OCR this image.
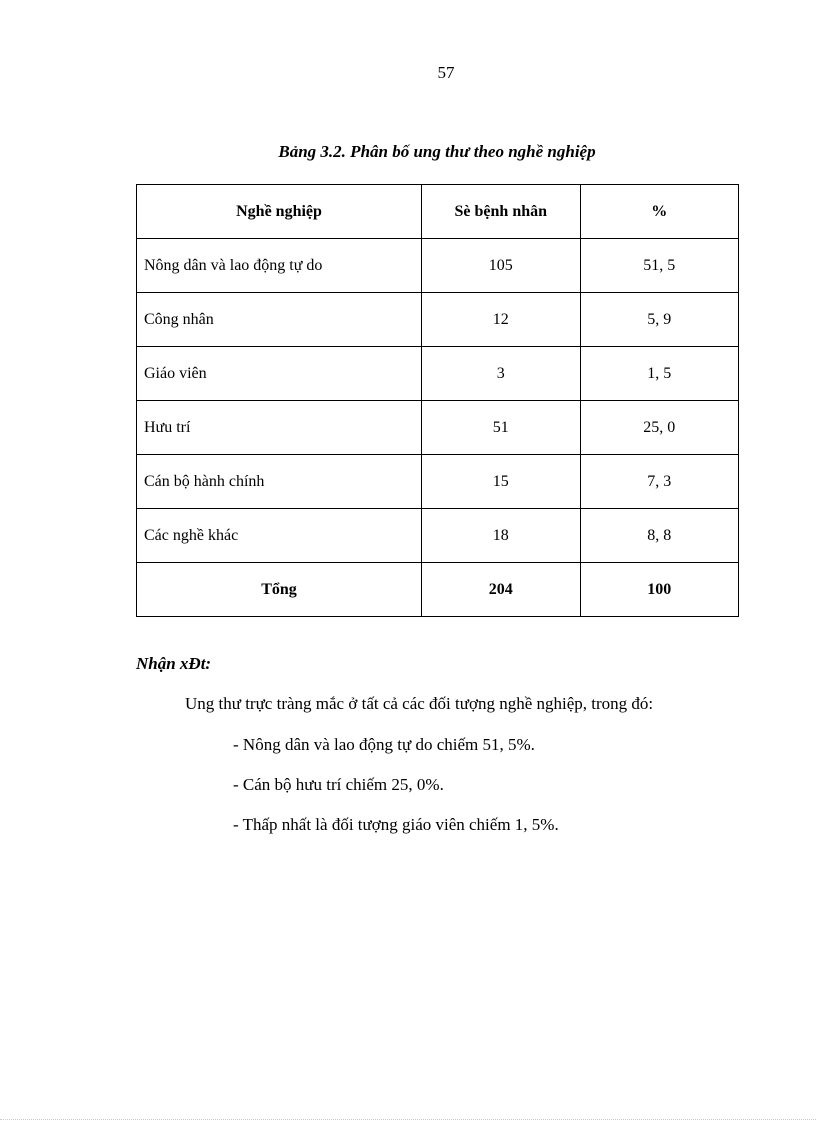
57
Bảng 3.2. Phân bố ung thư theo nghề nghiệp
Nghề nghiệp	Sè bệnh nhân	%
Nông dân và lao động tự do	105	51, 5
Công nhân	12	5, 9
Giáo viên	3	1, 5
Hưu trí	51	25, 0
Cán bộ hành chính	15	7, 3
Các nghề khác	18	8, 8
Tổng	204	100
Nhận xÐt:
Ung thư trực tràng mắc ở tất cả các đối tượng nghề nghiệp, trong đó:
- Nông dân và lao động tự do chiếm 51, 5%.
- Cán bộ hưu trí chiếm 25, 0%.
- Thấp nhất là đối tượng giáo viên chiếm 1, 5%.
